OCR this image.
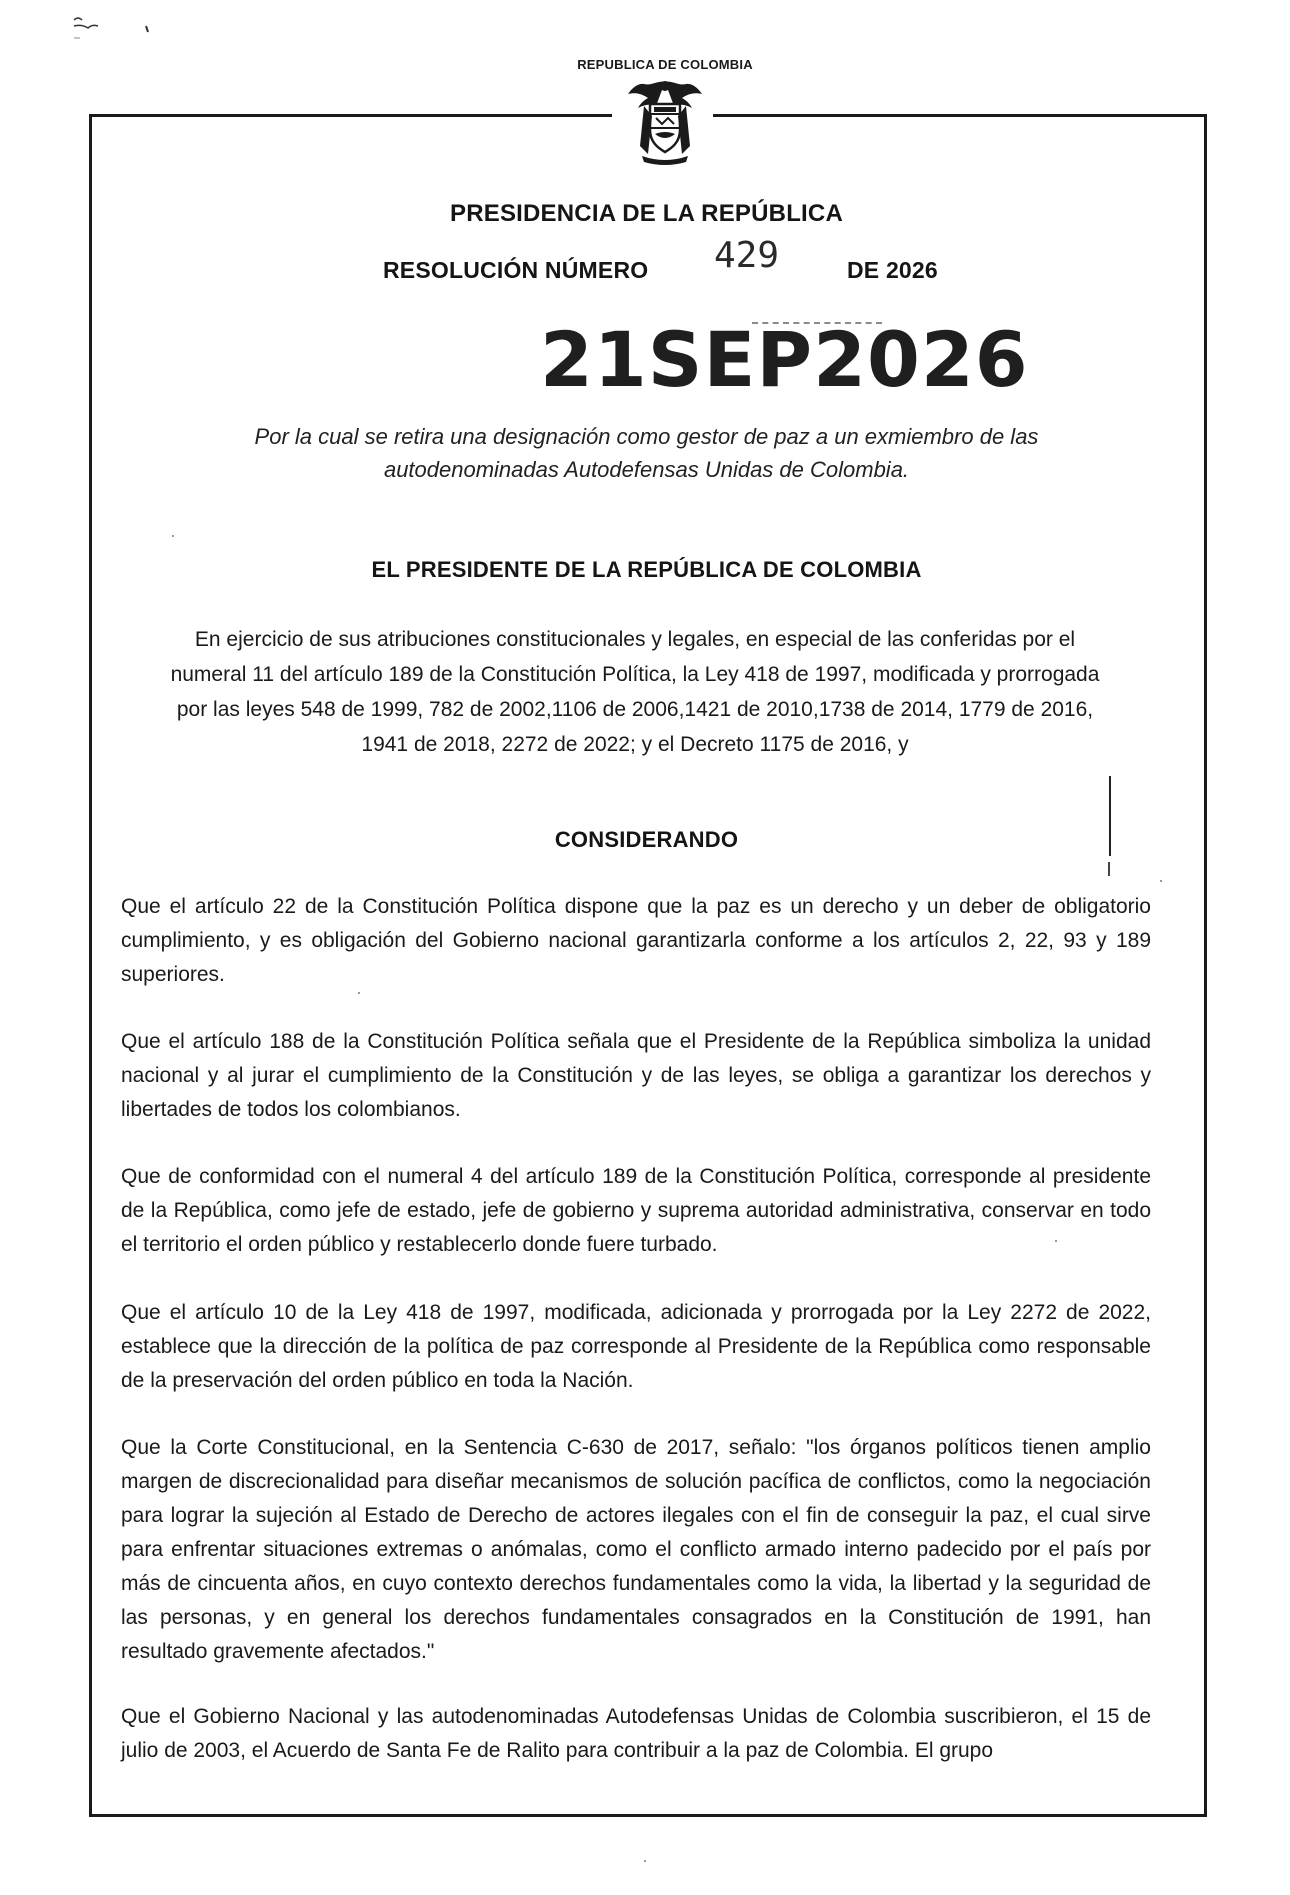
REPUBLICA DE COLOMBIA
PRESIDENCIA DE LA REPÚBLICA
RESOLUCIÓN NÚMERO 429	DE 2026
21SEP2026
Por la cual se retira una designación como gestor de paz a un exmiembro de las
autodenominadas Autodefensas Unidas de Colombia.
EL PRESIDENTE DE LA REPÚBLICA DE COLOMBIA
En ejercicio de sus atribuciones constitucionales y legales, en especial de las conferidas por el
numeral 11 del artículo 189 de la Constitución Política, la Ley 418 de 1997, modificada y prorrogada
por las leyes 548 de 1999, 782 de 2002,1106 de 2006,1421 de 2010,1738 de 2014, 1779 de 2016,
1941 de 2018, 2272 de 2022; y el Decreto 1175 de 2016, y
CONSIDERANDO
Que el artículo 22 de la Constitución Política dispone que la paz es un derecho y un deber de obligatorio cumplimiento, y es obligación del Gobierno nacional garantizarla conforme a los artículos 2, 22, 93 y 189 superiores.
Que el artículo 188 de la Constitución Política señala que el Presidente de la República simboliza la unidad nacional y al jurar el cumplimiento de la Constitución y de las leyes, se obliga a garantizar los derechos y libertades de todos los colombianos.
Que de conformidad con el numeral 4 del artículo 189 de la Constitución Política, corresponde al presidente de la República, como jefe de estado, jefe de gobierno y suprema autoridad administrativa, conservar en todo el territorio el orden público y restablecerlo donde fuere turbado.
Que el artículo 10 de la Ley 418 de 1997, modificada, adicionada y prorrogada por la Ley 2272 de 2022, establece que la dirección de la política de paz corresponde al Presidente de la República como responsable de la preservación del orden público en toda la Nación.
Que la Corte Constitucional, en la Sentencia C-630 de 2017, señalo: "los órganos políticos tienen amplio margen de discrecionalidad para diseñar mecanismos de solución pacífica de conflictos, como la negociación para lograr la sujeción al Estado de Derecho de actores ilegales con el fin de conseguir la paz, el cual sirve para enfrentar situaciones extremas o anómalas, como el conflicto armado interno padecido por el país por más de cincuenta años, en cuyo contexto derechos fundamentales como la vida, la libertad y la seguridad de las personas, y en general los derechos fundamentales consagrados en la Constitución de 1991, han resultado gravemente afectados."
Que el Gobierno Nacional y las autodenominadas Autodefensas Unidas de Colombia suscribieron, el 15 de julio de 2003, el Acuerdo de Santa Fe de Ralito para contribuir a la paz de Colombia. El grupo
